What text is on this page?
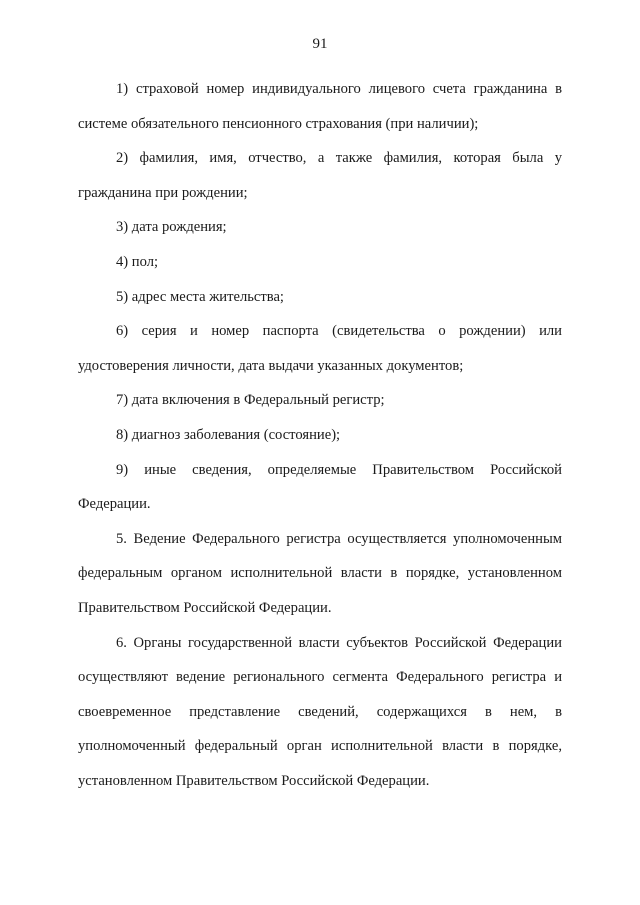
91

1) страховой номер индивидуального лицевого счета гражданина в системе обязательного пенсионного страхования (при наличии);

2) фамилия, имя, отчество, а также фамилия, которая была у гражданина при рождении;

3) дата рождения;

4) пол;

5) адрес места жительства;

6) серия и номер паспорта (свидетельства о рождении) или удостоверения личности, дата выдачи указанных документов;

7) дата включения в Федеральный регистр;

8) диагноз заболевания (состояние);

9) иные сведения, определяемые Правительством Российской Федерации.

5. Ведение Федерального регистра осуществляется уполномоченным федеральным органом исполнительной власти в порядке, установленном Правительством Российской Федерации.

6. Органы государственной власти субъектов Российской Федерации осуществляют ведение регионального сегмента Федерального регистра и своевременное представление сведений, содержащихся в нем, в уполномоченный федеральный орган исполнительной власти в порядке, установленном Правительством Российской Федерации.
